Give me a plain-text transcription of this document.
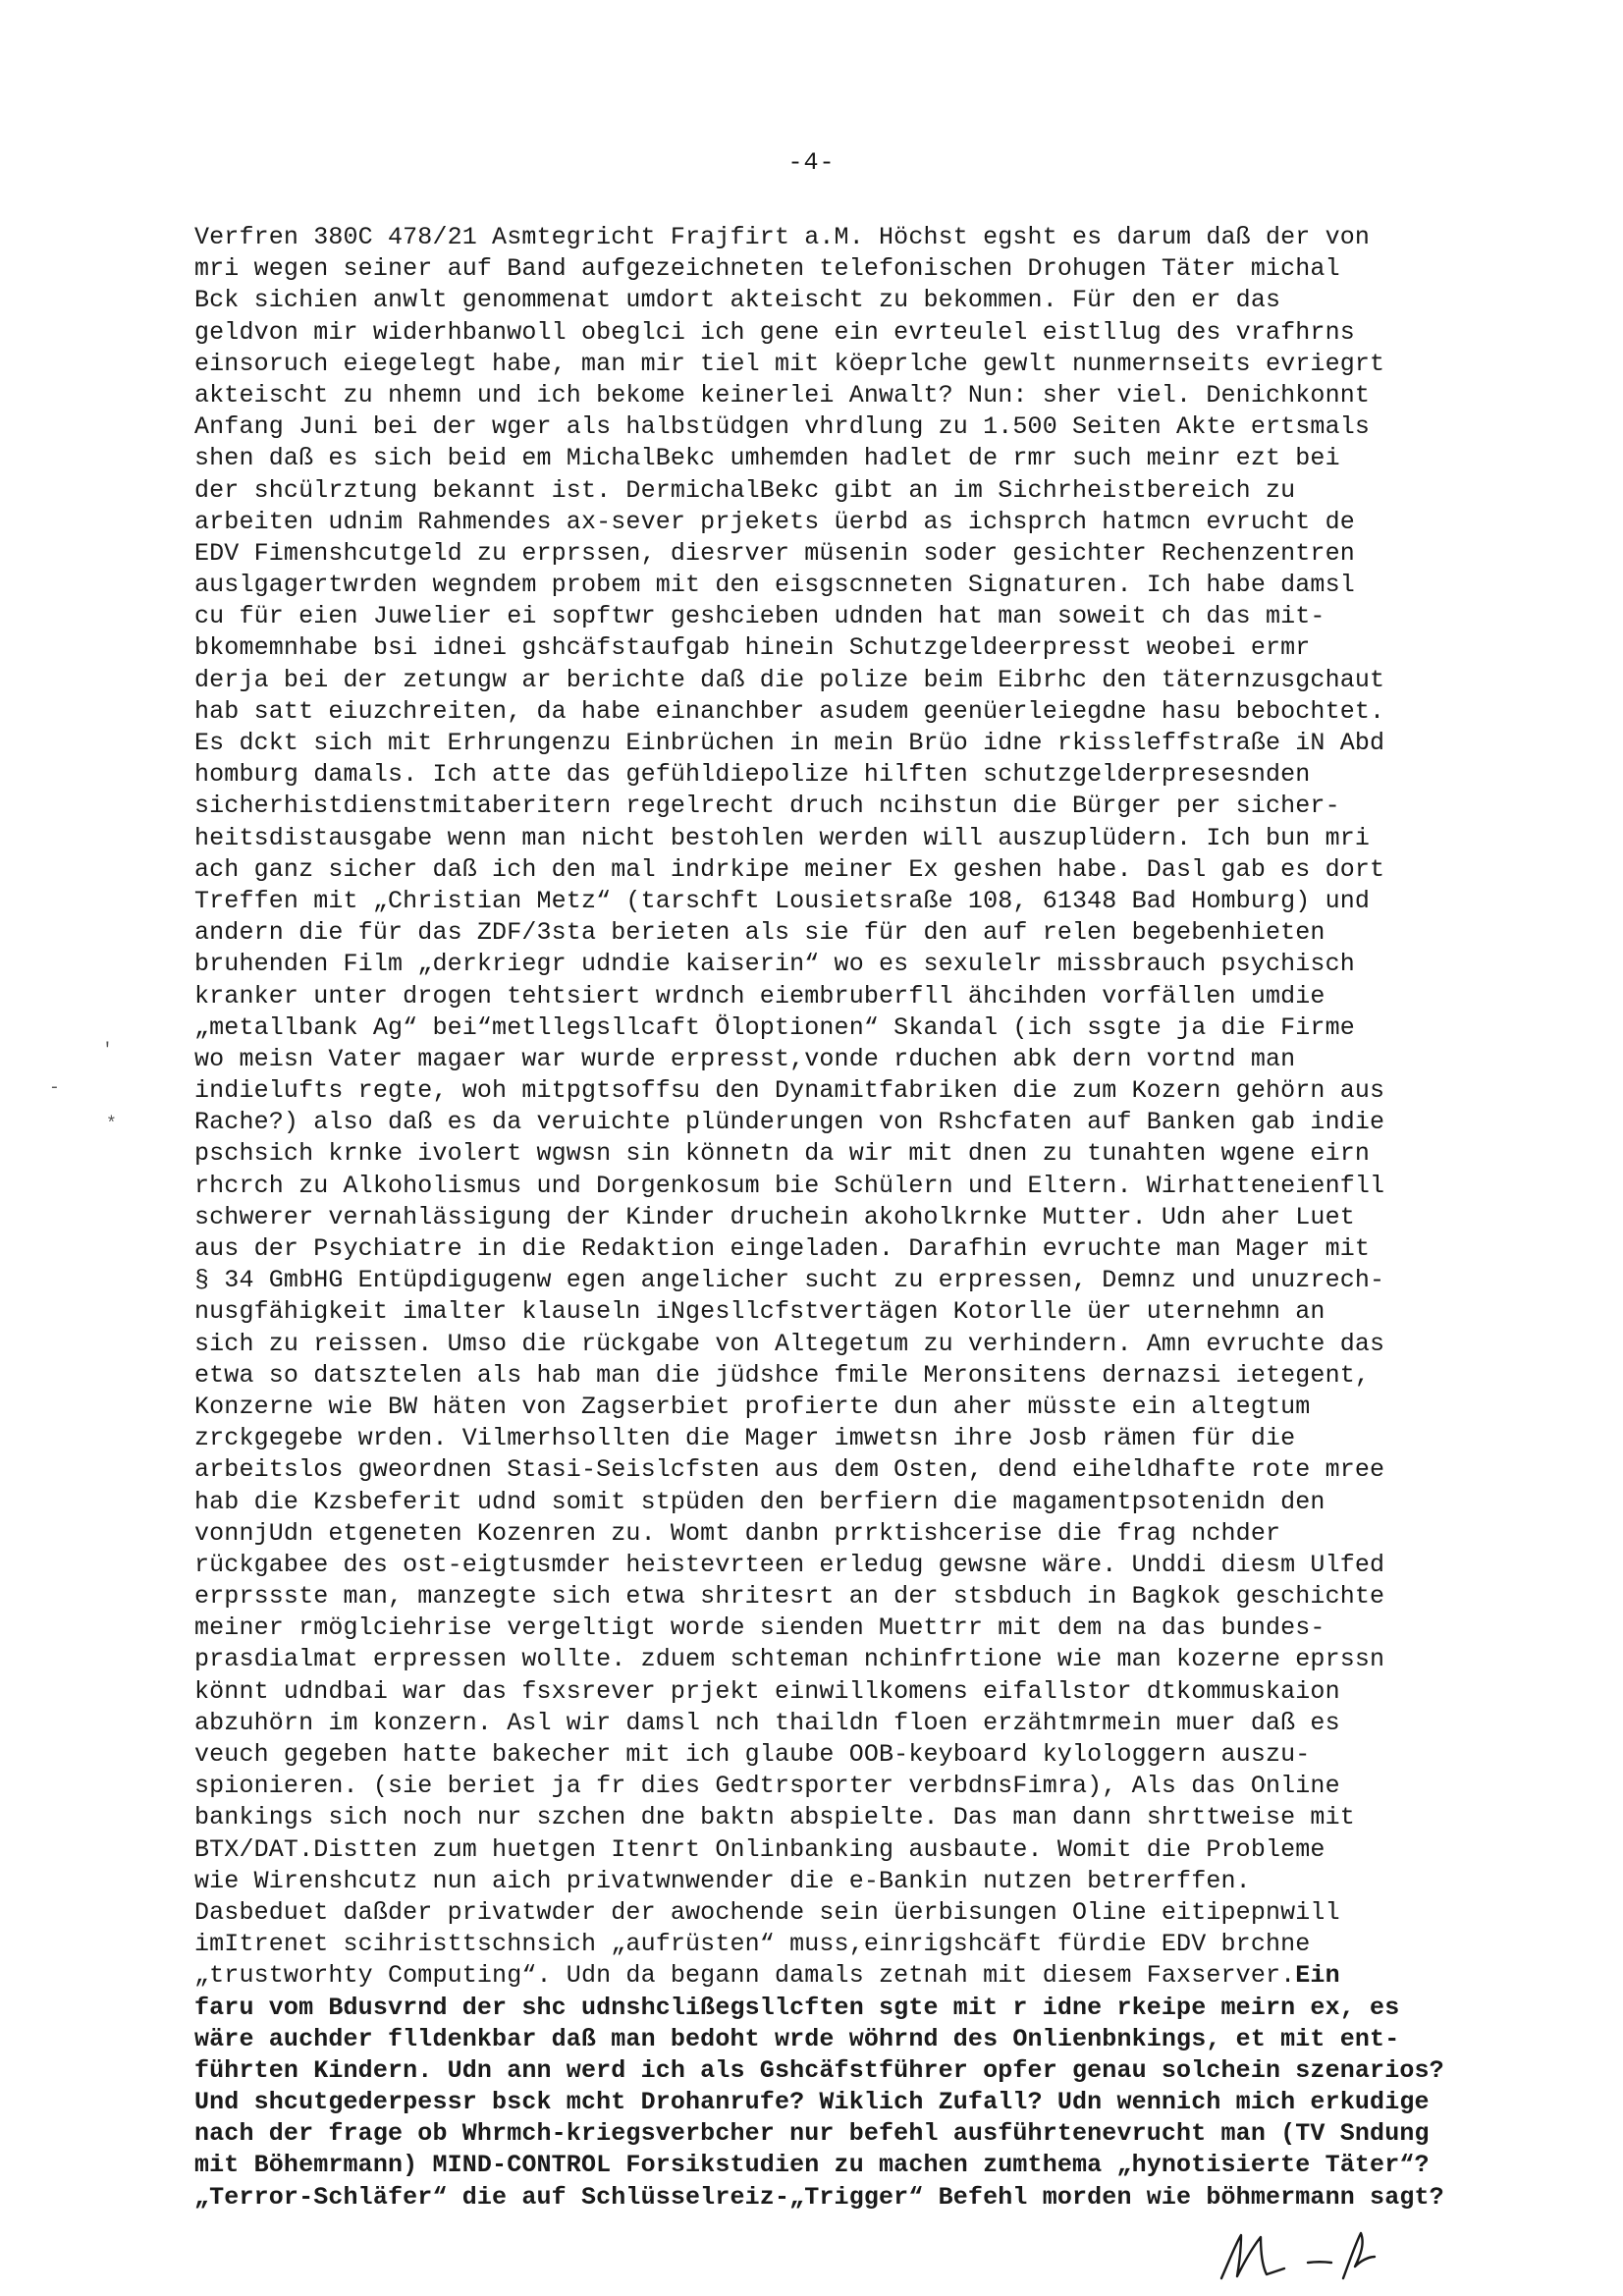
-4-
Verfren 380C 478/21 Asmtegricht Frajfirt a.M. Höchst egsht es darum daß der von
mri wegen seiner auf Band aufgezeichneten telefonischen Drohugen Täter michal
Bck sichien anwlt genommenat umdort akteischt zu bekommen. Für den er das
geldvon mir widerhbanwoll obeglci ich gene ein evrteulel eistllug des vrafhrns
einsoruch eiegelegt habe, man mir tiel mit köeprlche gewlt nunmernseits evriegrt
akteischt zu nhemn und ich bekome keinerlei Anwalt? Nun: sher viel. Denichkonnt
Anfang Juni bei der wger als halbstüdgen vhrdlung zu 1.500 Seiten Akte ertsmals
shen daß es sich beid em MichalBekc umhemden hadlet de rmr such meinr ezt bei
der shcülrztung bekannt ist. DermichalBekc gibt an im Sichrheistbereich zu
arbeiten udnim Rahmendes ax-sever prjekets üerbd as ichsprch hatmcn evrucht de
EDV Fimenshcutgeld zu erprssen, diesrver müsenin soder gesichter Rechenzentren
auslgagertwrden wegndem probem mit den eisgscnneten Signaturen. Ich habe damsl
cu für eien Juwelier ei sopftwr geshcieben udnden hat man soweit ch das mit-
bkomemnhabe bsi idnei gshcäfstaufgab hinein Schutzgeldeerpresst weobei ermr
derja bei der zetungw ar berichte daß die polize beim Eibrhc den täternzusgchaut
hab satt eiuzchreiten, da habe einanchber asudem geenüerleiegdne hasu bebochtet.
Es dckt sich mit Erhrungenzu Einbrüchen in mein Brüo idne rkissleffstraße iN Abd
homburg damals. Ich atte das gefühldiepolize hilften schutzgelderpresesnden
sicherhistdienstmitaberitern regelrecht druch ncihstun die Bürger per sicher-
heitsdistausgabe wenn man nicht bestohlen werden will auszuplüdern. Ich bun mri
ach ganz sicher daß ich den mal indrkipe meiner Ex geshen habe. Dasl gab es dort
Treffen mit „Christian Metz“ (tarschft Lousietsraße 108, 61348 Bad Homburg) und
andern die für das ZDF/3sta berieten als sie für den auf relen begebenhieten
bruhenden Film „derkriegr udndie kaiserin“ wo es sexulelr missbrauch psychisch
kranker unter drogen tehtsiert wrdnch eiembruberfll ähcihden vorfällen umdie
„metallbank Ag“ bei“metllegsllcaft Öloptionen“ Skandal (ich ssgte ja die Firme
wo meisn Vater magaer war wurde erpresst,vonde rduchen abk dern vortnd man
indielufts regte, woh mitpgtsoffsu den Dynamitfabriken die zum Kozern gehörn aus
Rache?) also daß es da veruichte plünderungen von Rshcfaten auf Banken gab indie
pschsich krnke ivolert wgwsn sin könnetn da wir mit dnen zu tunahten wgene eirn
rhcrch zu Alkoholismus und Dorgenkosum bie Schülern und Eltern. Wirhatteneienfll
schwerer vernahlässigung der Kinder druchein akoholkrnke Mutter. Udn aher Luet
aus der Psychiatre in die Redaktion eingeladen. Darafhin evruchte man Mager mit
§ 34 GmbHG Entüpdigugenw egen angelicher sucht zu erpressen, Demnz und unuzrech-
nusgfähigkeit imalter klauseln iNgesllcfstvertägen Kotorlle üer uternehmn an
sich zu reissen. Umso die rückgabe von Altegetum zu verhindern. Amn evruchte das
etwa so datsztelen als hab man die jüdshce fmile Meronsitens dernazsi ietegent,
Konzerne wie BW häten von Zagserbiet profierte dun aher müsste ein altegtum
zrckgegebe wrden. Vilmerhsollten die Mager imwetsn ihre Josb rämen für die
arbeitslos gweordnen Stasi-Seislcfsten aus dem Osten, dend eiheldhafte rote mree
hab die Kzsbeferit udnd somit stpüden den berfiern die magamentpsotenidn den
vonnjUdn etgeneten Kozenren zu. Womt danbn prrktishcerise die frag nchder
rückgabee des ost-eigtusmder heistevrteen erledug gewsne wäre. Unddi diesm Ulfed
erprssste man, manzegte sich etwa shritesrt an der stsbduch in Bagkok geschichte
meiner rmöglciehrise vergeltigt worde sienden Muettrr mit dem na das bundes-
prasdialmat erpressen wollte. zduem schteman nchinfrtione wie man kozerne eprssn
könnt udndbai war das fsxsrever prjekt einwillkomens eifallstor dtkommuskaion
abzuhörn im konzern. Asl wir damsl nch thaildn floen erzähtmrmein muer daß es
veuch gegeben hatte bakecher mit ich glaube OOB-keyboard kylologgern auszu-
spionieren. (sie beriet ja fr dies Gedtrsporter verbdnsFimra), Als das Online
bankings sich noch nur szchen dne baktn abspielte. Das man dann shrttweise mit
BTX/DAT.Distten zum huetgen Itenrt Onlinbanking ausbaute. Womit die Probleme
wie Wirenshcutz nun aich privatwnwender die e-Bankin nutzen betrerffen.
Dasbeduet daßder privatwder der awochende sein üerbisungen Oline eitipepnwill
imItrenet scihristtschnsich „aufrüsten“ muss,einrigshcäft fürdie EDV brchne
„trustworhty Computing“. Udn da begann damals zetnah mit diesem Faxserver.Ein
faru vom Bdusvrnd der shc udnshclißegsllcften sgte mit r idne rkeipe meirn ex, es
wäre auchder flldenkbar daß man bedoht wrde wöhrnd des Onlienbnkings, et mit ent-
führten Kindern. Udn ann werd ich als Gshcäfstführer opfer genau solchein szenarios?
Und shcutgederpessr bsck mcht Drohanrufe? Wiklich Zufall? Udn wennich mich erkudige
nach der frage ob Whrmch-kriegsverbcher nur befehl ausführtenevrucht man (TV Sndung
mit Böhemrmann) MIND-CONTROL Forsikstudien zu machen zumthema „hynotisierte Täter“?
„Terror-Schläfer“ die auf Schlüsselreiz-„Trigger“ Befehl morden wie böhmermann sagt?
-
'
*
